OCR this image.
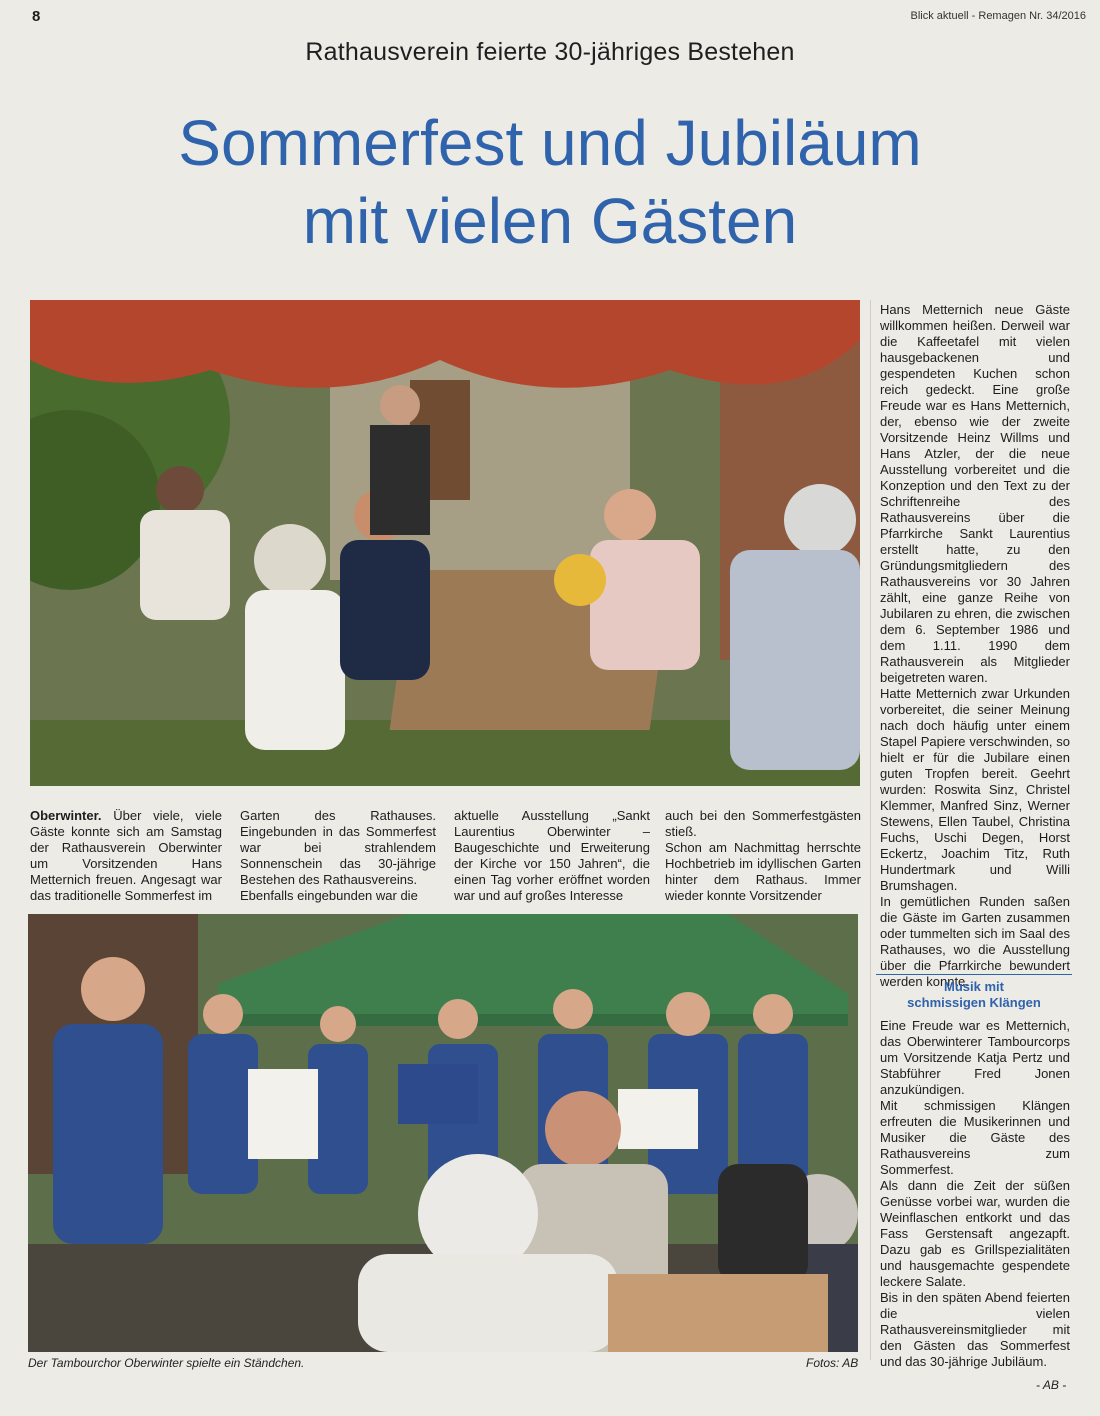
8	Blick aktuell - Remagen Nr. 34/2016
Rathausverein feierte 30-jähriges Bestehen
Sommerfest und Jubiläum
mit vielen Gästen

Oberwinter. Über viele, viele Gäste konnte sich am Samstag der Rathausverein Oberwinter um Vorsitzenden Hans Metternich freuen. Angesagt war das traditionelle Sommerfest im

Garten des Rathauses. Eingebunden in das Sommerfest war bei strahlendem Sonnenschein das 30-jährige Bestehen des Rathausvereins.

Ebenfalls eingebunden war die

aktuelle Ausstellung „Sankt Laurentius Oberwinter – Baugeschichte und Erweiterung der Kirche vor 150 Jahren“, die einen Tag vorher eröffnet worden war und auf großes Interesse

auch bei den Sommerfestgästen stieß.

Schon am Nachmittag herrschte Hochbetrieb im idyllischen Garten hinter dem Rathaus. Immer wieder konnte Vorsitzender

Hans Metternich neue Gäste willkommen heißen. Derweil war die Kaffeetafel mit vielen hausgebackenen und gespendeten Kuchen schon reich gedeckt. Eine große Freude war es Hans Metternich, der, ebenso wie der zweite Vorsitzende Heinz Willms und Hans Atzler, der die neue Ausstellung vorbereitet und die Konzeption und den Text zu der Schriftenreihe des Rathausvereins über die Pfarrkirche Sankt Laurentius erstellt hatte, zu den Gründungsmitgliedern des Rathausvereins vor 30 Jahren zählt, eine ganze Reihe von Jubilaren zu ehren, die zwischen dem 6. September 1986 und dem 1.11. 1990 dem Rathausverein als Mitglieder beigetreten waren.

Hatte Metternich zwar Urkunden vorbereitet, die seiner Meinung nach doch häufig unter einem Stapel Papiere verschwinden, so hielt er für die Jubilare einen guten Tropfen bereit. Geehrt wurden: Roswita Sinz, Christel Klemmer, Manfred Sinz, Werner Stewens, Ellen Taubel, Christina Fuchs, Uschi Degen, Horst Eckertz, Joachim Titz, Ruth Hundertmark und Willi Brumshagen.

In gemütlichen Runden saßen die Gäste im Garten zusammen oder tummelten sich im Saal des Rathauses, wo die Ausstellung über die Pfarrkirche bewundert werden konnte.

Musik mit
schmissigen Klängen

Eine Freude war es Metternich, das Oberwinterer Tambourcorps um Vorsitzende Katja Pertz und Stabführer Fred Jonen anzukündigen.

Mit schmissigen Klängen erfreuten die Musikerinnen und Musiker die Gäste des Rathausvereins zum Sommerfest.

Als dann die Zeit der süßen Genüsse vorbei war, wurden die Weinflaschen entkorkt und das Fass Gerstensaft angezapft. Dazu gab es Grillspezialitäten und hausgemachte gespendete leckere Salate.

Bis in den späten Abend feierten die vielen Rathausvereinsmitglieder mit den Gästen das Sommerfest und das 30-jährige Jubiläum.

Der Tambourchor Oberwinter spielte ein Ständchen.	Fotos: AB
- AB -
